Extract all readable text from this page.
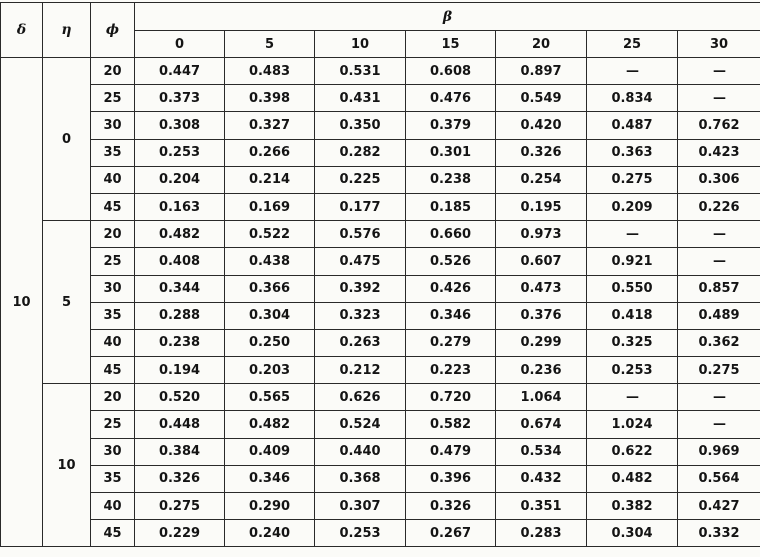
δ	η	ϕ	β						
			0	5	10	15	20	25	30
10	0	20	0.447	0.483	0.531	0.608	0.897	—	—
		25	0.373	0.398	0.431	0.476	0.549	0.834	—
		30	0.308	0.327	0.350	0.379	0.420	0.487	0.762
		35	0.253	0.266	0.282	0.301	0.326	0.363	0.423
		40	0.204	0.214	0.225	0.238	0.254	0.275	0.306
		45	0.163	0.169	0.177	0.185	0.195	0.209	0.226
	5	20	0.482	0.522	0.576	0.660	0.973	—	—
		25	0.408	0.438	0.475	0.526	0.607	0.921	—
		30	0.344	0.366	0.392	0.426	0.473	0.550	0.857
		35	0.288	0.304	0.323	0.346	0.376	0.418	0.489
		40	0.238	0.250	0.263	0.279	0.299	0.325	0.362
		45	0.194	0.203	0.212	0.223	0.236	0.253	0.275
	10	20	0.520	0.565	0.626	0.720	1.064	—	—
		25	0.448	0.482	0.524	0.582	0.674	1.024	—
		30	0.384	0.409	0.440	0.479	0.534	0.622	0.969
		35	0.326	0.346	0.368	0.396	0.432	0.482	0.564
		40	0.275	0.290	0.307	0.326	0.351	0.382	0.427
		45	0.229	0.240	0.253	0.267	0.283	0.304	0.332
